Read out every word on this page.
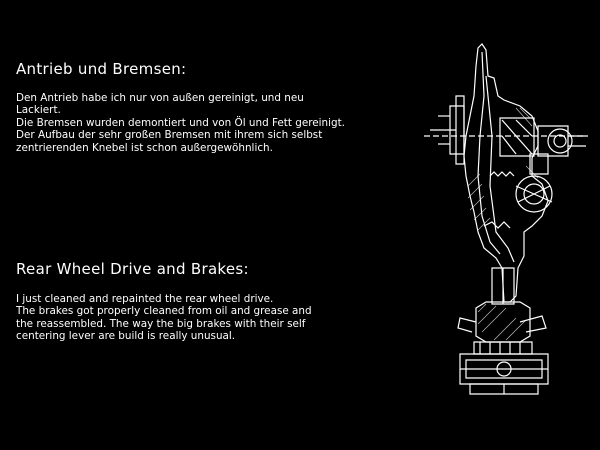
Antrieb und Bremsen:

Den Antrieb habe ich nur von außen gereinigt, und neu
Lackiert.
Die Bremsen wurden demontiert und von Öl und Fett gereinigt.
Der Aufbau der sehr großen Bremsen mit ihrem sich selbst
zentrierenden Knebel ist schon außergewöhnlich.

Rear Wheel Drive and Brakes:

I just cleaned and repainted the rear wheel drive.
The brakes got properly cleaned from oil and grease and
the reassembled. The way the big brakes with their self
centering lever are build is really unusual.
